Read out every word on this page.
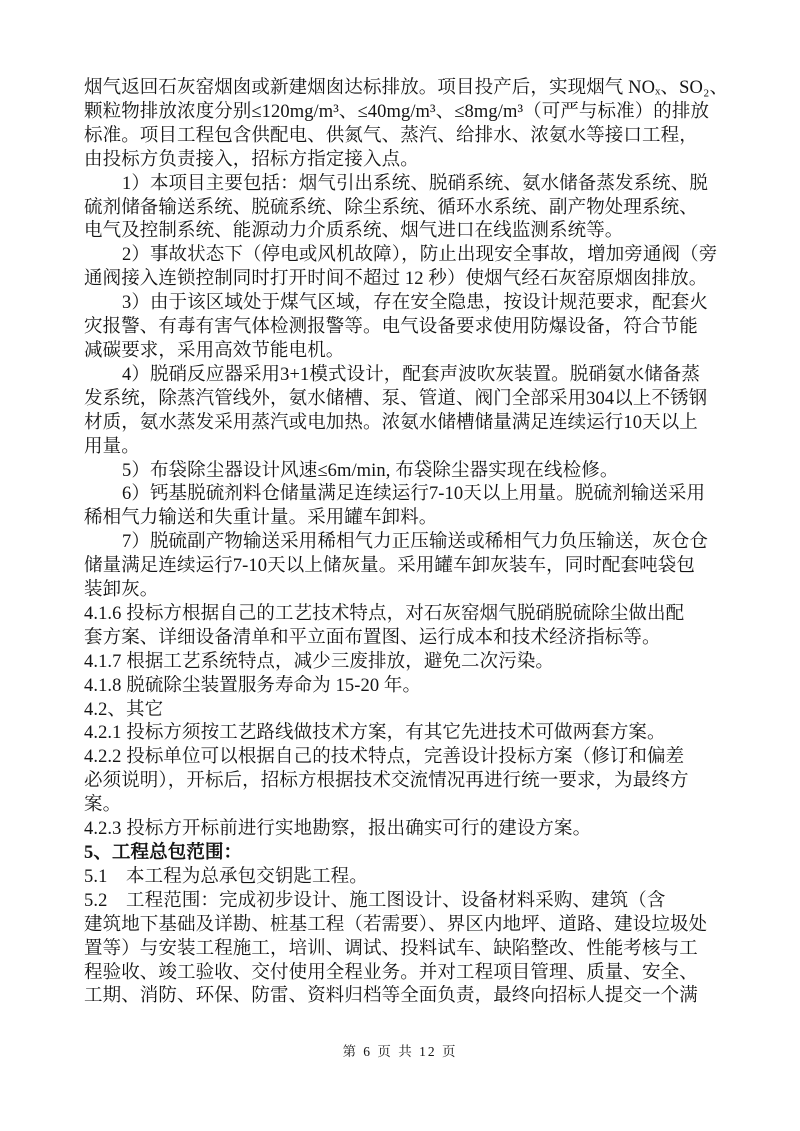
烟气返回石灰窑烟囱或新建烟囱达标排放。项目投产后，实现烟气 NOₓ、SO₂、
颗粒物排放浓度分别≤120mg/m³、≤40mg/m³、≤8mg/m³（可严与标准）的排放
标准。项目工程包含供配电、供氮气、蒸汽、给排水、浓氨水等接口工程，
由投标方负责接入，招标方指定接入点。
1）本项目主要包括：烟气引出系统、脱硝系统、氨水储备蒸发系统、脱
硫剂储备输送系统、脱硫系统、除尘系统、循环水系统、副产物处理系统、
电气及控制系统、能源动力介质系统、烟气进口在线监测系统等。
2）事故状态下（停电或风机故障），防止出现安全事故，增加旁通阀（旁
通阀接入连锁控制同时打开时间不超过 12 秒）使烟气经石灰窑原烟囱排放。
3）由于该区域处于煤气区域，存在安全隐患，按设计规范要求，配套火
灾报警、有毒有害气体检测报警等。电气设备要求使用防爆设备，符合节能
减碳要求，采用高效节能电机。
4）脱硝反应器采用3+1模式设计，配套声波吹灰装置。脱硝氨水储备蒸
发系统，除蒸汽管线外，氨水储槽、泵、管道、阀门全部采用304以上不锈钢
材质，氨水蒸发采用蒸汽或电加热。浓氨水储槽储量满足连续运行10天以上
用量。
5）布袋除尘器设计风速≤6m/min, 布袋除尘器实现在线检修。
6）钙基脱硫剂料仓储量满足连续运行7-10天以上用量。脱硫剂输送采用
稀相气力输送和失重计量。采用罐车卸料。
7）脱硫副产物输送采用稀相气力正压输送或稀相气力负压输送，灰仓仓
储量满足连续运行7-10天以上储灰量。采用罐车卸灰装车，同时配套吨袋包
装卸灰。
4.1.6 投标方根据自己的工艺技术特点，对石灰窑烟气脱硝脱硫除尘做出配
套方案、详细设备清单和平立面布置图、运行成本和技术经济指标等。
4.1.7 根据工艺系统特点，减少三废排放，避免二次污染。
4.1.8 脱硫除尘装置服务寿命为 15-20 年。
4.2、其它
4.2.1 投标方须按工艺路线做技术方案，有其它先进技术可做两套方案。
4.2.2 投标单位可以根据自己的技术特点，完善设计投标方案（修订和偏差
必须说明），开标后，招标方根据技术交流情况再进行统一要求，为最终方
案。
4.2.3 投标方开标前进行实地勘察，报出确实可行的建设方案。
5、工程总包范围：
5.1　本工程为总承包交钥匙工程。
5.2　工程范围：完成初步设计、施工图设计、设备材料采购、建筑（含
建筑地下基础及详勘、桩基工程（若需要）、界区内地坪、道路、建设垃圾处
置等）与安装工程施工，培训、调试、投料试车、缺陷整改、性能考核与工
程验收、竣工验收、交付使用全程业务。并对工程项目管理、质量、安全、
工期、消防、环保、防雷、资料归档等全面负责，最终向招标人提交一个满
第 6 页 共 12 页
